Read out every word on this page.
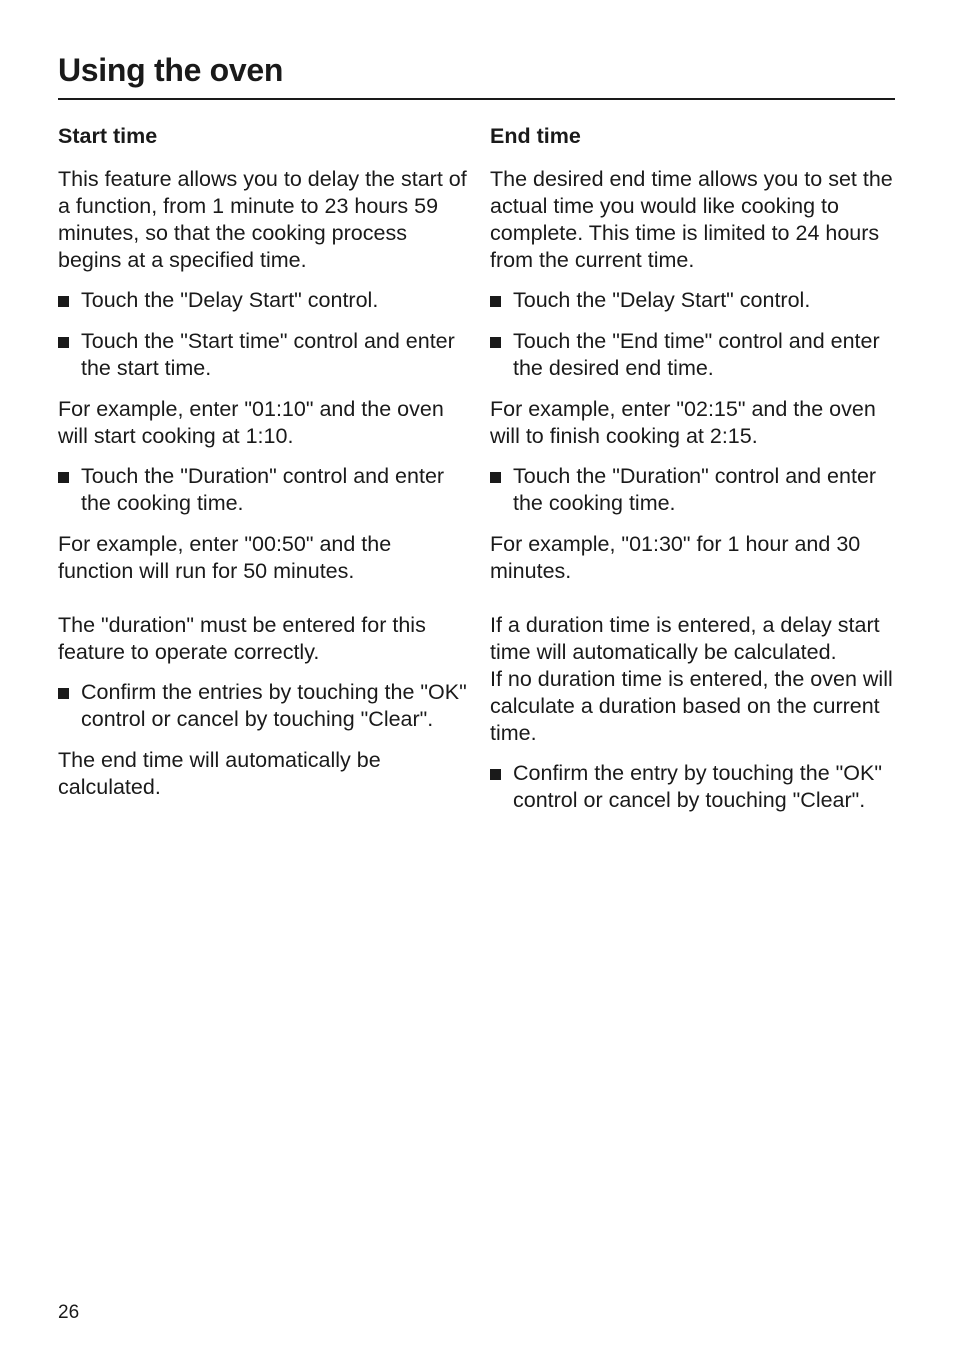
Using the oven
Start time

This feature allows you to delay the start of a function, from 1 minute to 23 hours 59 minutes, so that the cooking process begins at a specified time.

Touch the "Delay Start" control.
Touch the "Start time" control and enter the start time.

For example, enter "01:10" and the oven will start cooking at 1:10.

Touch the "Duration" control and enter the cooking time.

For example, enter "00:50" and the function will run for 50 minutes.

The "duration" must be entered for this feature to operate correctly.

Confirm the entries by touching the "OK" control or cancel by touching "Clear".

The end time will automatically be calculated.

End time

The desired end time allows you to set the actual time you would like cooking to complete. This time is limited to 24 hours from the current time.

Touch the "Delay Start" control.
Touch the "End time" control and enter the desired end time.

For example, enter "02:15" and the oven will to finish cooking at 2:15.

Touch the "Duration" control and enter the cooking time.

For example, "01:30" for 1 hour and 30 minutes.

If a duration time is entered, a delay start time will automatically be calculated.
If no duration time is entered, the oven will calculate a duration based on the current time.

Confirm the entry by touching the "OK" control or cancel by touching "Clear".
26
